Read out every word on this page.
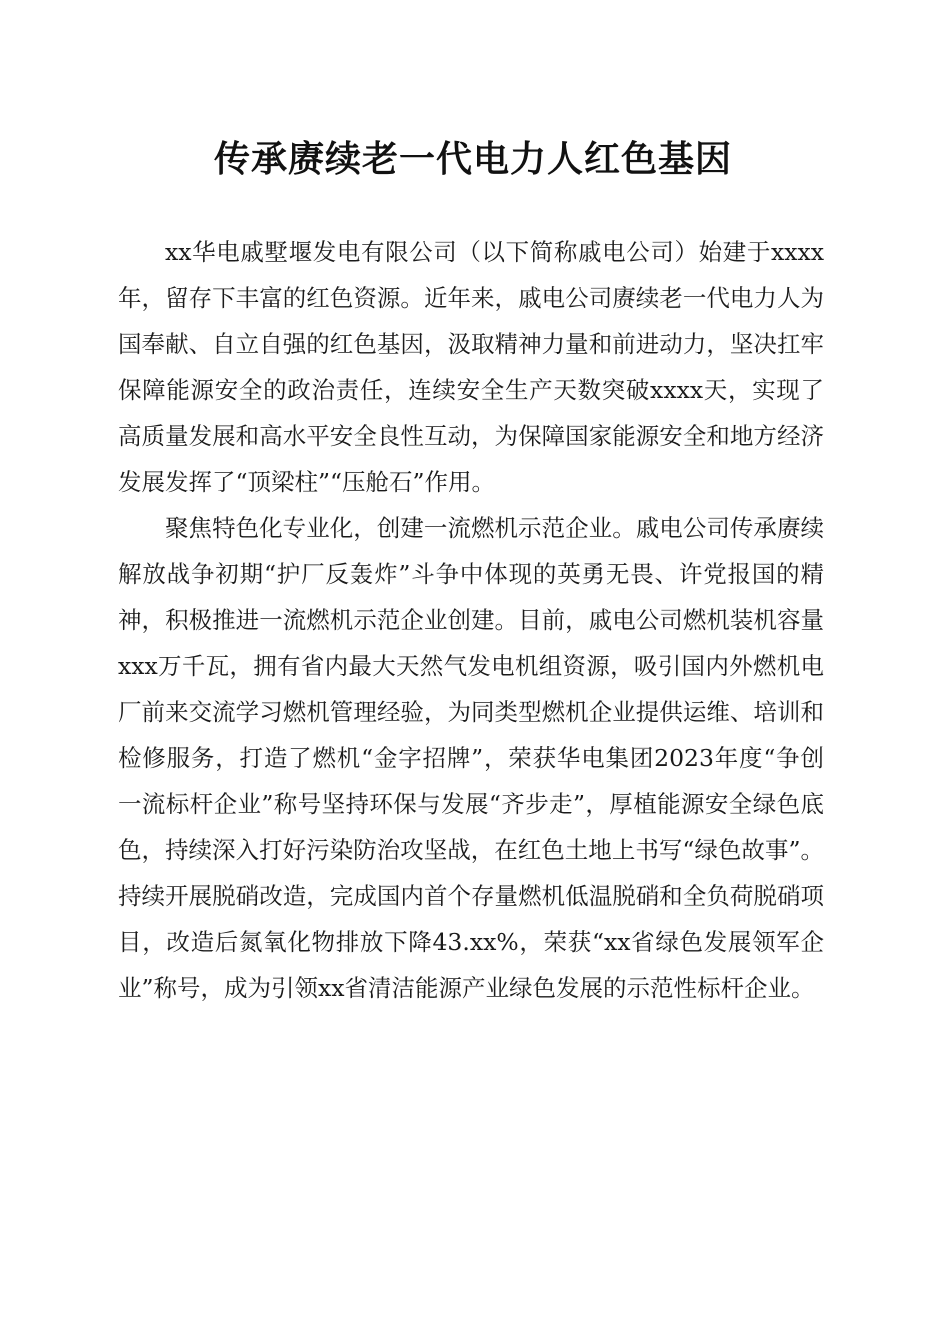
传承赓续老一代电力人红色基因

xx华电戚墅堰发电有限公司（以下简称戚电公司）始建于xxxx年，留存下丰富的红色资源。近年来，戚电公司赓续老一代电力人为国奉献、自立自强的红色基因，汲取精神力量和前进动力，坚决扛牢保障能源安全的政治责任，连续安全生产天数突破xxxx天，实现了高质量发展和高水平安全良性互动，为保障国家能源安全和地方经济发展发挥了“顶梁柱”“压舱石”作用。

聚焦特色化专业化，创建一流燃机示范企业。戚电公司传承赓续解放战争初期“护厂反轰炸”斗争中体现的英勇无畏、许党报国的精神，积极推进一流燃机示范企业创建。目前，戚电公司燃机装机容量xxx万千瓦，拥有省内最大天然气发电机组资源，吸引国内外燃机电厂前来交流学习燃机管理经验，为同类型燃机企业提供运维、培训和检修服务，打造了燃机“金字招牌”，荣获华电集团2023年度“争创一流标杆企业”称号坚持环保与发展“齐步走”，厚植能源安全绿色底色，持续深入打好污染防治攻坚战，在红色土地上书写“绿色故事”。持续开展脱硝改造，完成国内首个存量燃机低温脱硝和全负荷脱硝项目，改造后氮氧化物排放下降43.xx%，荣获“xx省绿色发展领军企业”称号，成为引领xx省清洁能源产业绿色发展的示范性标杆企业。
